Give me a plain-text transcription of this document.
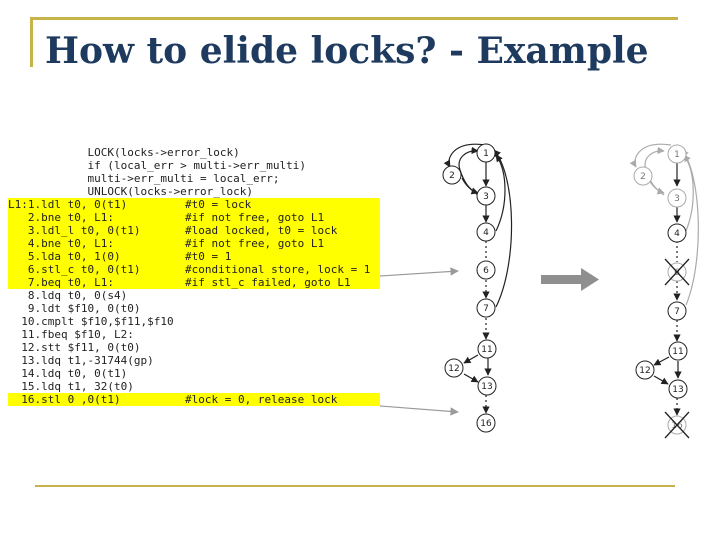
How to elide locks? - Example
LOCK(locks->error_lock)
if (local_err > multi->err_multi)
multi->err_multi = local_err;
UNLOCK(locks->error_lock)
L1:1.ldl t0, 0(t1)	#t0 = lock
2.bne t0, L1:	#if not free, goto L1
3.ldl_l t0, 0(t1)	#load locked, t0 = lock
4.bne t0, L1:	#if not free, goto L1
5.lda t0, 1(0)	#t0 = 1
6.stl_c t0, 0(t1)	#conditional store, lock = 1
7.beq t0, L1:	#if stl_c failed, goto L1
8.ldq t0, 0(s4)
9.ldt $f10, 0(t0)
10.cmplt $f10,$f11,$f10
11.fbeq $f10, L2:
12.stt $f11, 0(t0)
13.ldq t1,-31744(gp)
14.ldq t0, 0(t1)
15.ldq t1, 32(t0)
16.stl 0 ,0(t1)	#lock = 0, release lock
1
2
3
4
6
7
11
12
13
16
1
2
3
4
6
7
11
12
13
16
